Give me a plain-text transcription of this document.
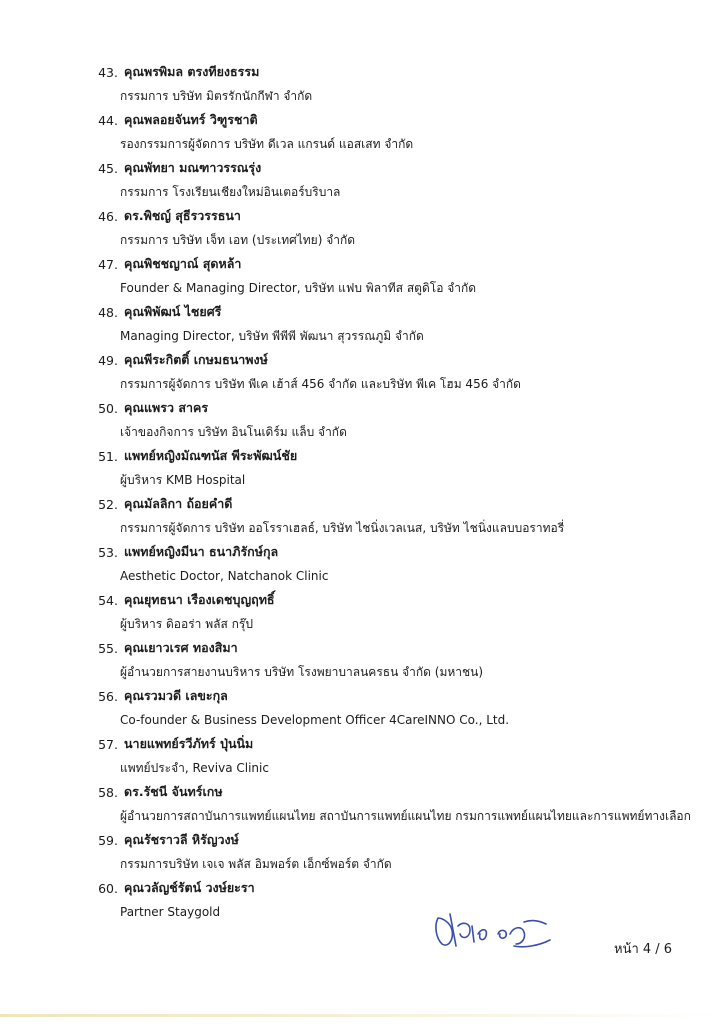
43. คุณพรพิมล ตรงทียงธรรม
กรรมการ บริษัท มิตรรักนักกีฬา จำกัด
44. คุณพลอยจันทร์ วิฑูรชาติ
รองกรรมการผู้จัดการ บริษัท ดีเวล แกรนด์ แอสเสท จำกัด
45. คุณพัทยา มณฑาวรรณรุ่ง
กรรมการ โรงเรียนเชียงใหม่อินเตอร์บริบาล
46. ดร.พิชญ์ สุธีรวรรธนา
กรรมการ บริษัท เจ็ท เอท (ประเทศไทย) จำกัด
47. คุณพิชชญาณ์ สุดหล้า
Founder & Managing Director, บริษัท แฟบ พิลาทีส สตูดิโอ จำกัด
48. คุณพิพัฒน์ ไชยศรี
Managing Director, บริษัท พีพีพี พัฒนา สุวรรณภูมิ จำกัด
49. คุณพีระกิตติ์ เกษมธนาพงษ์
กรรมการผู้จัดการ บริษัท พีเค เฮ้าส์ 456 จำกัด และบริษัท พีเค โฮม 456 จำกัด
50. คุณแพรว สาคร
เจ้าของกิจการ บริษัท อินโนเดิร์ม แล็บ จำกัด
51. แพทย์หญิงมัณฑนัส พีระพัฒน์ชัย
ผู้บริหาร KMB Hospital
52. คุณมัลลิกา ถ้อยคำดี
กรรมการผู้จัดการ บริษัท ออโรราเฮลธ์, บริษัท ไชนิ่งเวลเนส, บริษัท ไชนิ่งแลบบอราทอรี่
53. แพทย์หญิงมีนา ธนาภิรักษ์กุล
Aesthetic Doctor, Natchanok Clinic
54. คุณยุทธนา เรืองเดชบุญฤทธิ์
ผู้บริหาร ดิออร่า พลัส กรุ๊ป
55. คุณเยาวเรศ ทองสิมา
ผู้อำนวยการสายงานบริหาร บริษัท โรงพยาบาลนครธน จำกัด (มหาชน)
56. คุณรวมวดี เลขะกุล
Co-founder & Business Development Officer 4CareINNO Co., Ltd.
57. นายแพทย์รวีภัทร์ ปุ่นนิ่ม
แพทย์ประจำ, Reviva Clinic
58. ดร.รัชนี จันทร์เกษ
ผู้อำนวยการสถาบันการแพทย์แผนไทย สถาบันการแพทย์แผนไทย กรมการแพทย์แผนไทยและการแพทย์ทางเลือก
59. คุณรัชราวลี หิรัญวงษ์
กรรมการบริษัท เจเจ พลัส อิมพอร์ต เอ็กซ์พอร์ต จำกัด
60. คุณวลัญช์รัตน์ วงษ์ยะรา
Partner Staygold
หน้า 4 / 6
